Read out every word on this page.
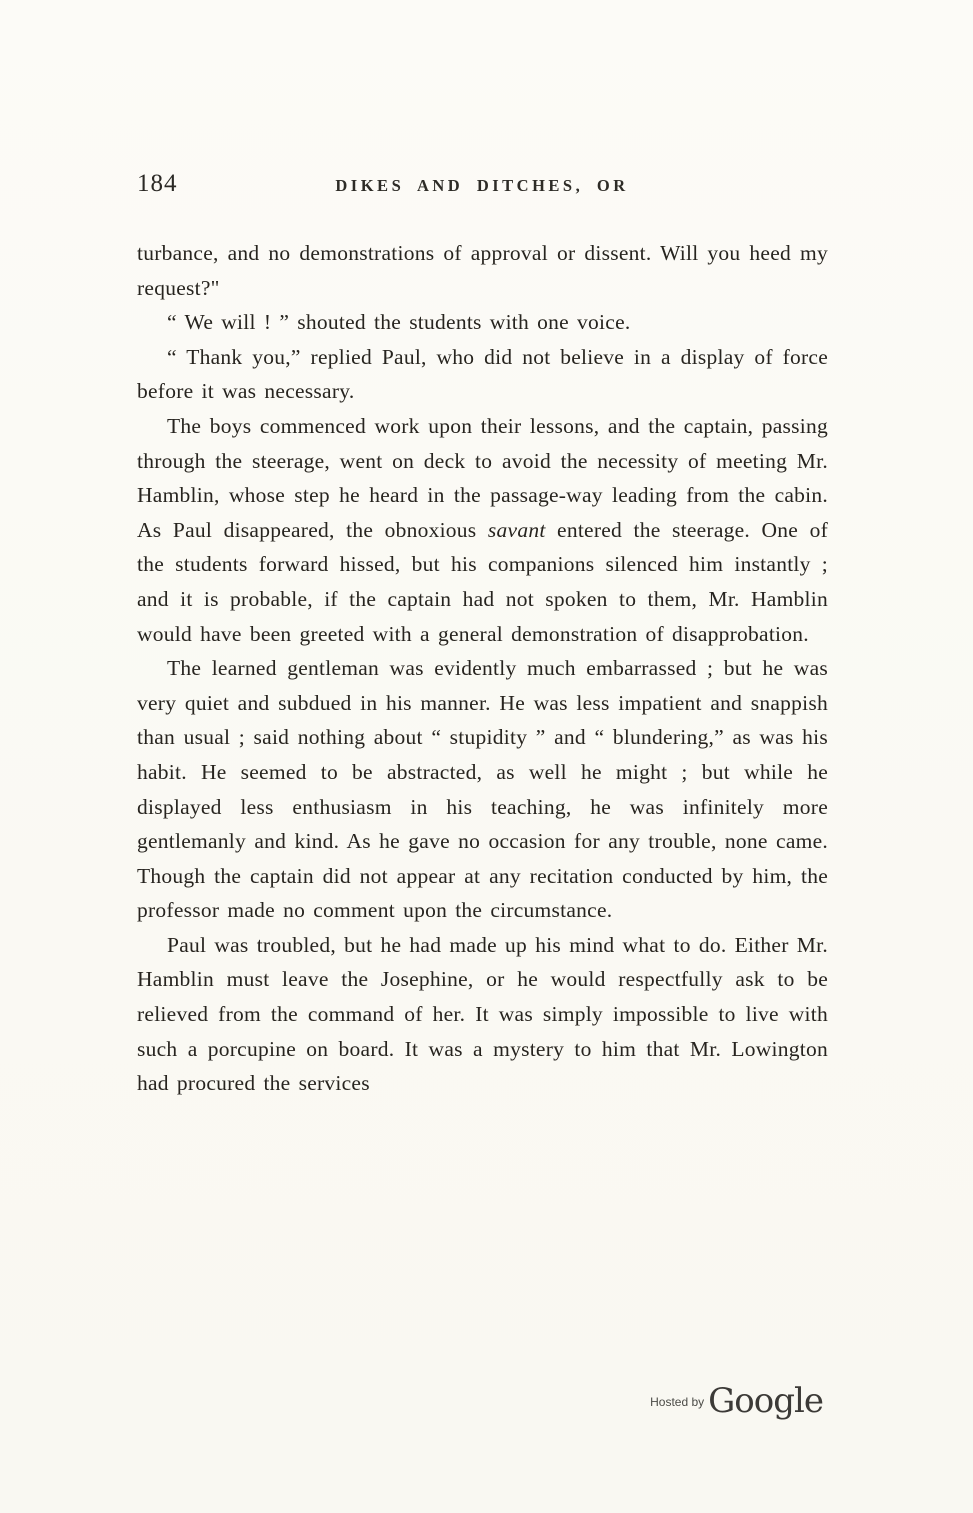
184	DIKES AND DITCHES, OR

turbance, and no demonstrations of approval or dissent. Will you heed my request?"

“ We will ! ” shouted the students with one voice.

“ Thank you,” replied Paul, who did not believe in a display of force before it was necessary.

The boys commenced work upon their lessons, and the captain, passing through the steerage, went on deck to avoid the necessity of meeting Mr. Hamblin, whose step he heard in the passage-way leading from the cabin. As Paul disappeared, the obnoxious savant entered the steerage. One of the students forward hissed, but his companions silenced him instantly ; and it is probable, if the captain had not spoken to them, Mr. Hamblin would have been greeted with a general demonstration of disapprobation.

The learned gentleman was evidently much embarrassed ; but he was very quiet and subdued in his manner. He was less impatient and snappish than usual ; said nothing about “ stupidity ” and “ blundering,” as was his habit. He seemed to be abstracted, as well he might ; but while he displayed less enthusiasm in his teaching, he was infinitely more gentlemanly and kind. As he gave no occasion for any trouble, none came. Though the captain did not appear at any recitation conducted by him, the professor made no comment upon the circumstance.

Paul was troubled, but he had made up his mind what to do. Either Mr. Hamblin must leave the Josephine, or he would respectfully ask to be relieved from the command of her. It was simply impossible to live with such a porcupine on board. It was a mystery to him that Mr. Lowington had procured the services

$^{Hosted by}$ Google
